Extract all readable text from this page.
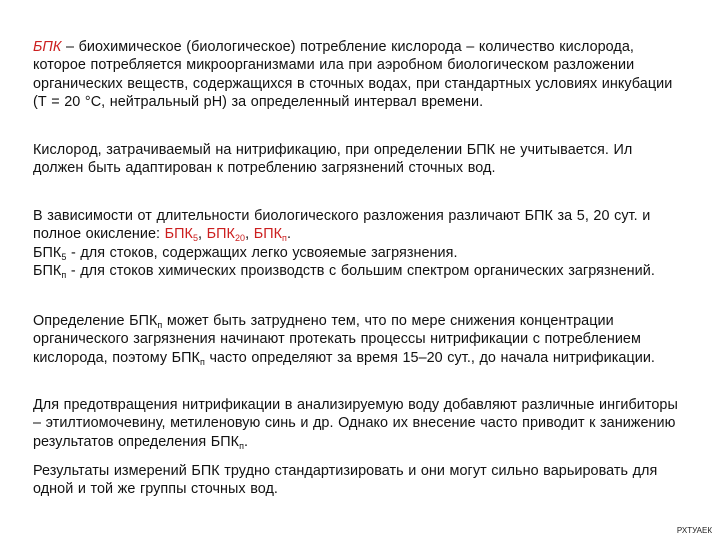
БПК – биохимическое (биологическое) потребление кислорода – количество кислорода, которое потребляется микроорганизмами ила при аэробном биологическом разложении органических веществ, содержащихся в сточных водах, при стандартных условиях инкубации (Т = 20 °С, нейтральный рН) за определенный интервал времени.
Кислород, затрачиваемый на нитрификацию, при определении БПК не учитывается. Ил должен быть адаптирован к потреблению загрязнений сточных вод.
В зависимости от длительности биологического разложения различают БПК за 5, 20 сут. и полное окисление: $БПК_5$, $БПК_{20}$, $БПК_п$.
$БПК_5$ - для стоков, содержащих легко усвояемые загрязнения.
$БПК_п$ - для стоков химических производств с большим спектром органических загрязнений.
Определение $БПК_п$ может быть затруднено тем, что по мере снижения концентрации органического загрязнения начинают протекать процессы нитрификации с потреблением кислорода, поэтому $БПК_п$ часто определяют за время 15–20 сут., до начала нитрификации.
Для предотвращения нитрификации в анализируемую воду добавляют различные ингибиторы – этилтиомочевину, метиленовую синь и др. Однако их внесение часто приводит к занижению результатов определения $БПК_п$.
Результаты измерений БПК трудно стандартизировать и они могут сильно варьировать для одной и той же группы сточных вод.
РХТУАЕК
